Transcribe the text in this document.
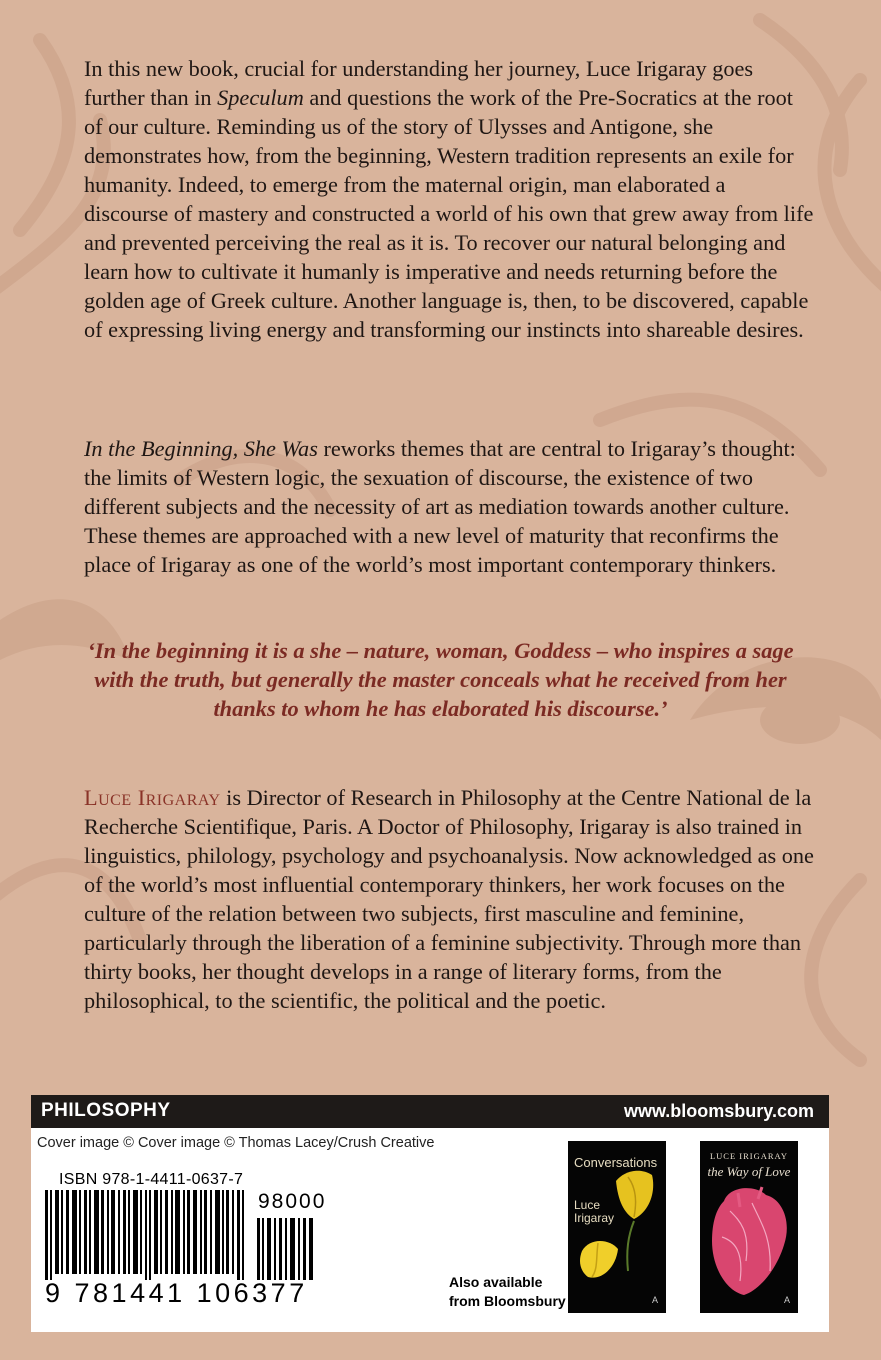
In this new book, crucial for understanding her journey, Luce Irigaray goes further than in Speculum and questions the work of the Pre-Socratics at the root of our culture. Reminding us of the story of Ulysses and Antigone, she demonstrates how, from the beginning, Western tradition represents an exile for humanity. Indeed, to emerge from the maternal origin, man elaborated a discourse of mastery and constructed a world of his own that grew away from life and prevented perceiving the real as it is. To recover our natural belonging and learn how to cultivate it humanly is imperative and needs returning before the golden age of Greek culture. Another language is, then, to be discovered, capable of expressing living energy and transforming our instincts into shareable desires.

In the Beginning, She Was reworks themes that are central to Irigaray’s thought: the limits of Western logic, the sexuation of discourse, the existence of two different subjects and the necessity of art as mediation towards another culture. These themes are approached with a new level of maturity that reconfirms the place of Irigaray as one of the world’s most important contemporary thinkers.

‘In the beginning it is a she – nature, woman, Goddess – who inspires a sage with the truth, but generally the master conceals what he received from her thanks to whom he has elaborated his discourse.’

Luce Irigaray is Director of Research in Philosophy at the Centre National de la Recherche Scientifique, Paris. A Doctor of Philosophy, Irigaray is also trained in linguistics, philology, psychology and psychoanalysis. Now acknowledged as one of the world’s most influential contemporary thinkers, her work focuses on the culture of the relation between two subjects, first masculine and feminine, particularly through the liberation of a feminine subjectivity. Through more than thirty books, her thought develops in a range of literary forms, from the philosophical, to the scientific, the political and the poetic.

PHILOSOPHY	www.bloomsbury.com
Cover image © Cover image © Thomas Lacey/Crush Creative
ISBN 978-1-4411-0637-7
98000
9 781441 106377	Also available
from Bloomsbury
Conversations
Luce
Irigaray
A
LUCE IRIGARAY
the Way of Love
A
